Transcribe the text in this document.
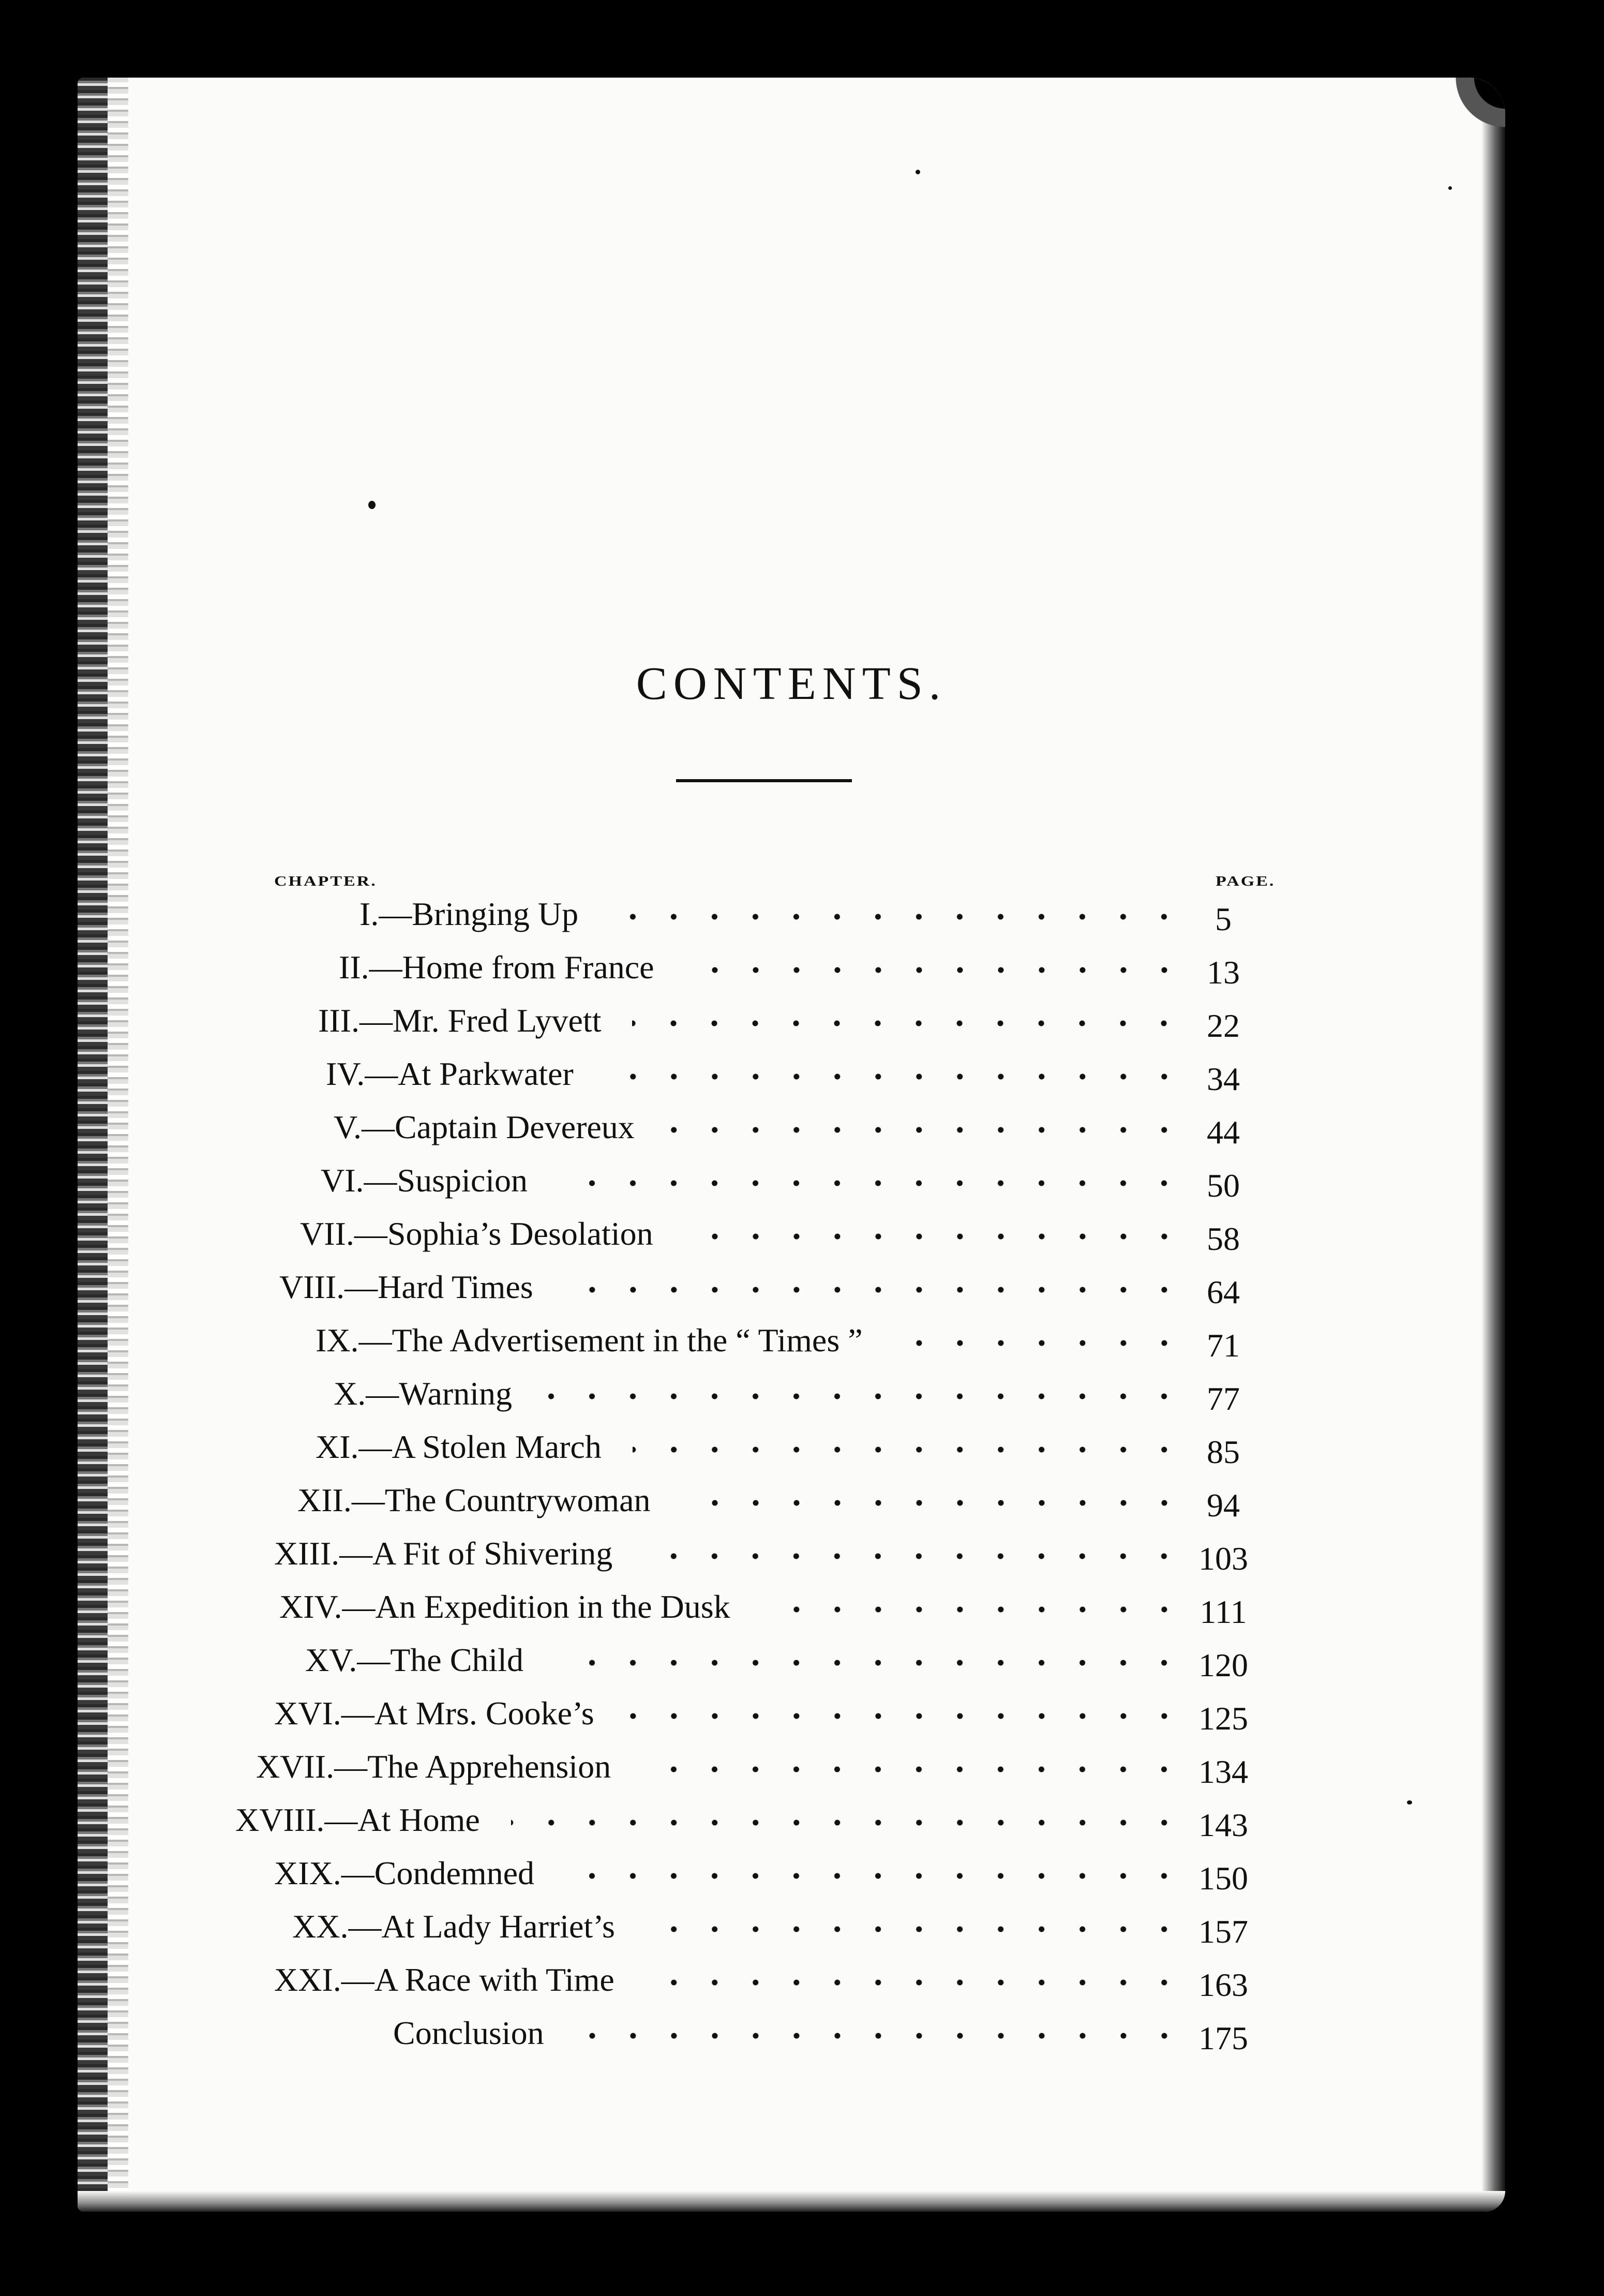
CONTENTS.
CHAPTER.	PAGE.
I.—Bringing Up	5
II.—Home from France	13
III.—Mr. Fred Lyvett	22
IV.—At Parkwater	34
V.—Captain Devereux	44
VI.—Suspicion	50
VII.—Sophia’s Desolation	58
VIII.—Hard Times	64
IX.—The Advertisement in the “ Times ”	71
X.—Warning	77
XI.—A Stolen March	85
XII.—The Countrywoman	94
XIII.—A Fit of Shivering	103
XIV.—An Expedition in the Dusk	111
XV.—The Child	120
XVI.—At Mrs. Cooke’s	125
XVII.—The Apprehension	134
XVIII.—At Home	143
XIX.—Condemned	150
XX.—At Lady Harriet’s	157
XXI.—A Race with Time	163
Conclusion	175
